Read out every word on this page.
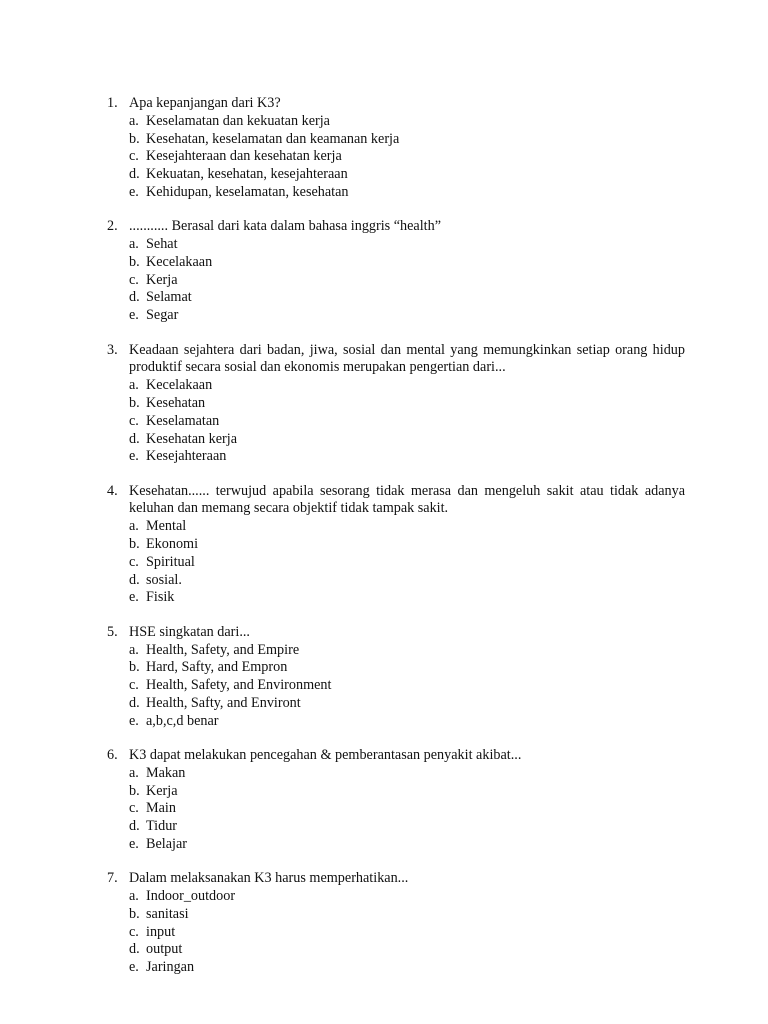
1. Apa kepanjangan dari K3?
a. Keselamatan dan kekuatan kerja
b. Kesehatan, keselamatan dan keamanan kerja
c. Kesejahteraan dan kesehatan kerja
d. Kekuatan, kesehatan, kesejahteraan
e. Kehidupan, keselamatan, kesehatan
2. ........... Berasal dari kata dalam bahasa inggris “health”
a. Sehat
b. Kecelakaan
c. Kerja
d. Selamat
e. Segar
3. Keadaan sejahtera dari badan, jiwa, sosial dan mental yang memungkinkan setiap orang hidup produktif secara sosial dan ekonomis merupakan pengertian dari...
a. Kecelakaan
b. Kesehatan
c. Keselamatan
d. Kesehatan kerja
e. Kesejahteraan
4. Kesehatan...... terwujud apabila sesorang tidak merasa dan mengeluh sakit atau tidak adanya keluhan dan memang secara objektif tidak tampak sakit.
a. Mental
b. Ekonomi
c. Spiritual
d. sosial.
e. Fisik
5. HSE singkatan dari...
a. Health, Safety, and Empire
b. Hard, Safty, and Empron
c. Health, Safety, and Environment
d. Health, Safty, and Environt
e. a,b,c,d benar
6. K3 dapat melakukan pencegahan & pemberantasan penyakit akibat...
a. Makan
b. Kerja
c. Main
d. Tidur
e. Belajar
7. Dalam melaksanakan K3 harus memperhatikan...
a. Indoor_outdoor
b. sanitasi
c. input
d. output
e. Jaringan
